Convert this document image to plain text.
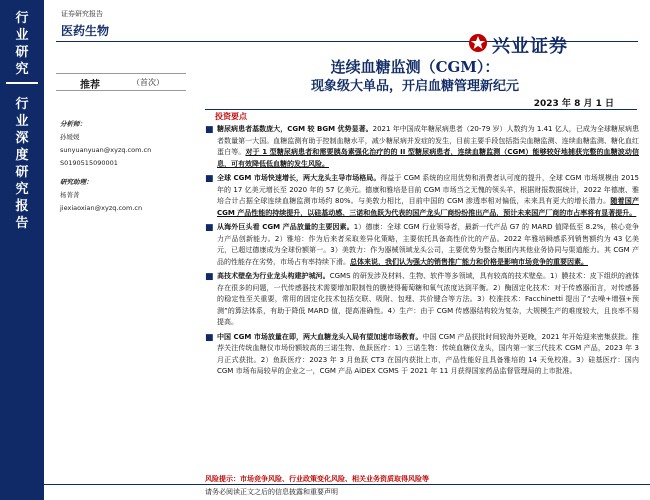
行业研究
行业深度研究报告
证券研究报告
医药生物
兴业证券
推荐	（首次）
连续血糖监测（CGM）：
现象级大单品，开启血糖管理新纪元
2023 年 8 月 1 日
投资要点
分析师：
孙媛媛
sunyuanyuan@xyzq.com.cn
S0190515090001
研究助理：
杨菁菁
jiexiaoxian@xyzq.com.cn
■ 糖尿病患者基数庞大，CGM 较 BGM 优势显著。2021 年中国成年糖尿病患者（20-79 岁）人数约为 1.41 亿人，已成为全球糖尿病患者数量第一大国。血糖监测有助于控制血糖水平，减少糖尿病并发症的发生，目前主要手段包括指尖血糖监测、连续血糖监测、糖化血红蛋白等。对于 1 型糖尿病患者和需要胰岛素强化治疗的的 II 型糖尿病患者，连续血糖监测（CGM）能够较好地捕获完整的血糖波动信息，可有效降低低血糖的发生风险。
■ 全球 CGM 市场快速增长，两大龙头主导市场格局。得益于 CGM 系统的应用优势和消费者认可度的提升，全球 CGM 市场规模由 2015 年的 17 亿美元增长至 2020 年的 57 亿美元。德康和雅培是目前 CGM 市场当之无愧的领头羊，根据财报数据统计，2022 年德康、雅培合计占据全球连续血糖监测市场约 80%。与美敦力相比，目前中国的 CGM 渗透率相对偏低，未来具有更大的增长潜力。随着国产 CGM 产品性能的持续提升，以硅基动感、三诺和鱼跃为代表的国产龙头厂商纷纷推出产品，预计未来国产厂商的市占率将有显著提升。
■ 从海外巨头看 CGM 产品放量的主要因素。1）德康：全球 CGM 行业领导者，最新一代产品 G7 的 MARD 值降低至 8.2%，核心竞争力产品创新能力。2）雅培：作为后来者采取差异化策略，主要依托具备高性价比的产品。2022 年雅培瞬感系列销售额约为 43 亿美元，已超过德康成为全球份额第一。3）美敦力：作为器械领域龙头公司，主要优势为整合集团内其他业务协同与渠道能力。其 CGM 产品的性能存在劣势，市场占有率持续下滑。总体来说，我们认为强大的销售推广能力和价格是影响市场竞争的重要因素。
■ 高技术壁垒为行业龙头构建护城河。CGMS 的研发涉及材料、生物、软件等多领域，具有较高的技术壁垒。1）膜技术：皮下组织的液体存在很多的问题，一代传感器技术需要增加限制性的膜使得葡萄糖和氧气浓度达到平衡。2）酶固定化技术：对于传感器而言，对传感器的稳定性至关重要，常用的固定化技术包括交联、吸附、包埋、共价键合等方法。3）校准技术：Facchinetti 提出了“去噪+增强+预测”的算法体系，有助于降低 MARD 值，提高准确性。4）生产：由于 CGM 传感器结构较为复杂，大规模生产的难度较大，且良率不易提高。
■ 中国 CGM 市场放量在即，两大血糖龙头入局有望加速市场教育。中国 CGM 产品获批时间较海外更晚，2021 年开始迎来密集获批。推荐关注传统血糖仪市场份额较高的三诺生物、鱼跃医疗：1）三诺生物：传统血糖仪龙头，国内第一家三代技术 CGM 产品，2023 年 3 月正式获批。2）鱼跃医疗：2023 年 3 月鱼跃 CT3 在国内获批上市，产品性能好且具备雅培的 14 天免校准。3）硅基医疗：国内 CGM 市场布局较早的企业之一，CGM 产品 AiDEX CGMS 于 2021 年 11 月获得国家药品监督管理局的上市批准。
风险提示：市场竞争风险、行业政策变化风险、相关业务资质取得风险等
请务必阅读正文之后的信息披露和重要声明
